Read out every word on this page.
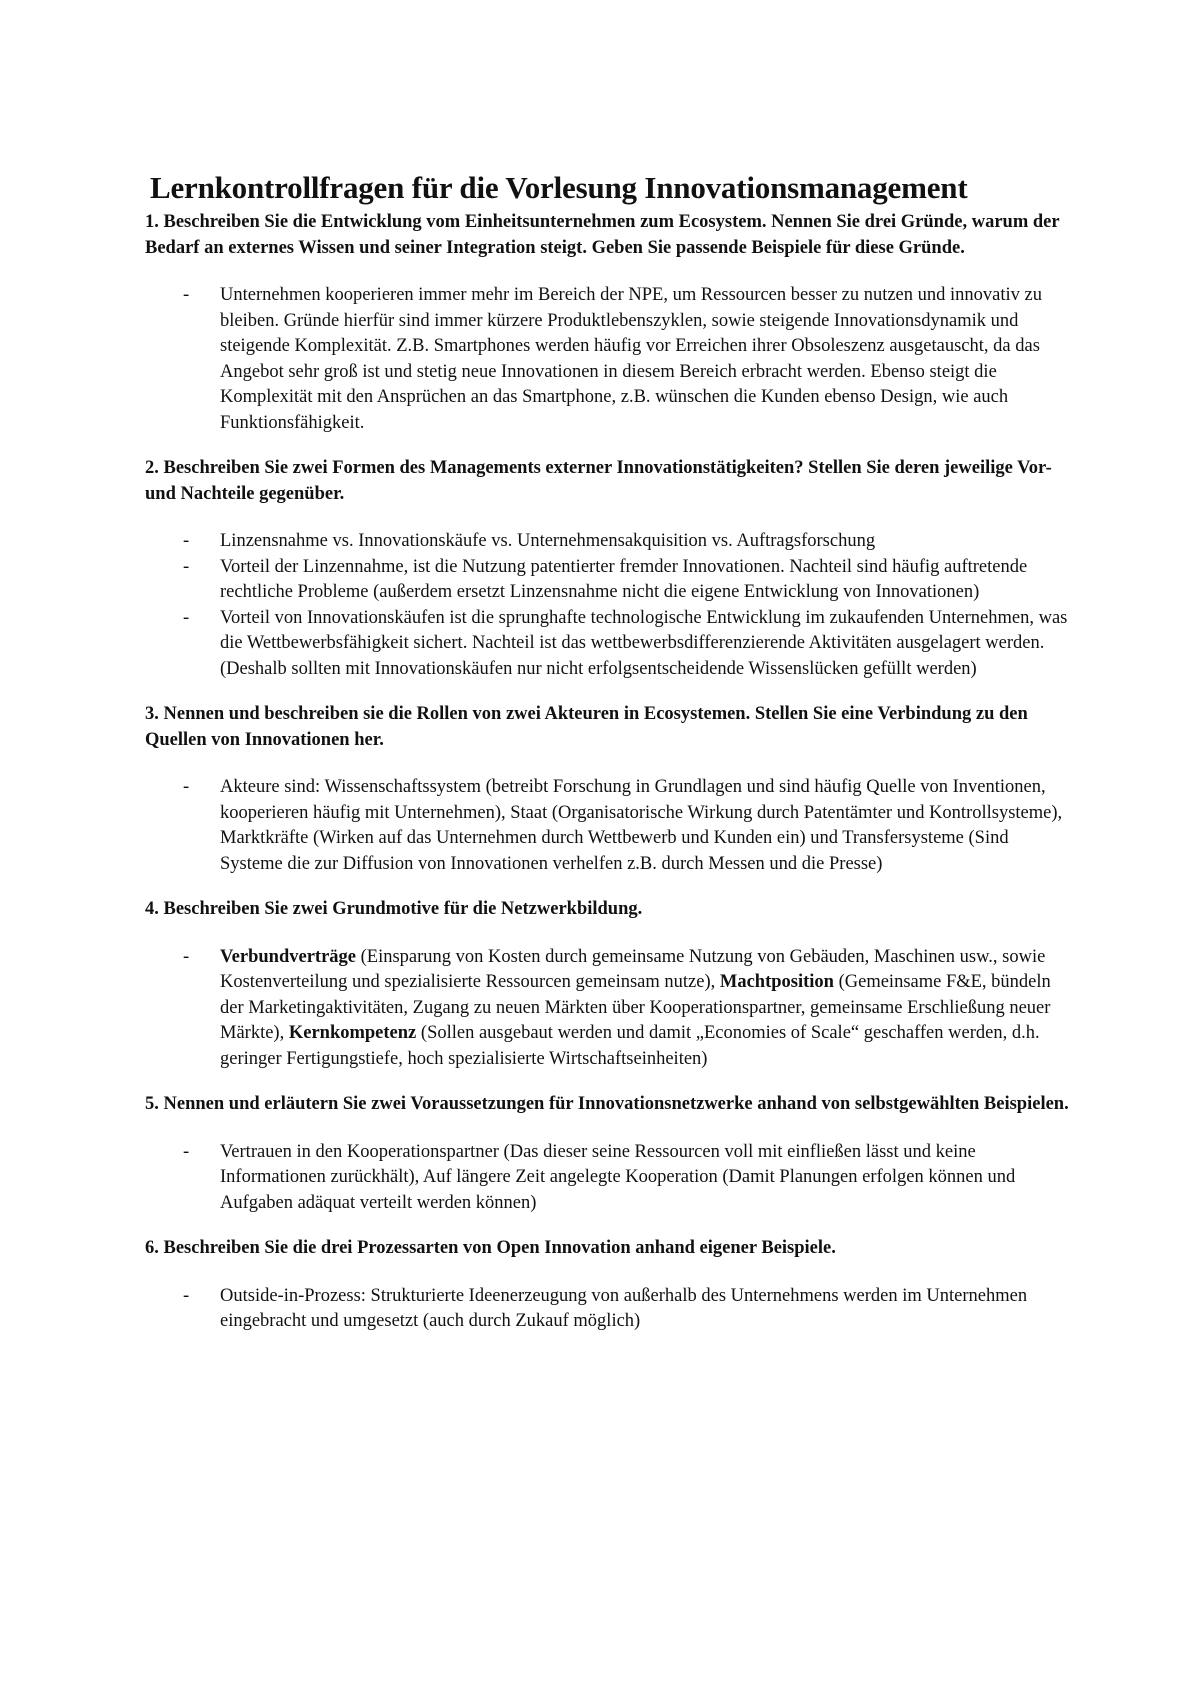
Lernkontrollfragen für die Vorlesung Innovationsmanagement

1. Beschreiben Sie die Entwicklung vom Einheitsunternehmen zum Ecosystem. Nennen Sie drei Gründe, warum der Bedarf an externes Wissen und seiner Integration steigt. Geben Sie passende Beispiele für diese Gründe.

- Unternehmen kooperieren immer mehr im Bereich der NPE, um Ressourcen besser zu nutzen und innovativ zu bleiben. Gründe hierfür sind immer kürzere Produktlebenszyklen, sowie steigende Innovationsdynamik und steigende Komplexität. Z.B. Smartphones werden häufig vor Erreichen ihrer Obsoleszenz ausgetauscht, da das Angebot sehr groß ist und stetig neue Innovationen in diesem Bereich erbracht werden. Ebenso steigt die Komplexität mit den Ansprüchen an das Smartphone, z.B. wünschen die Kunden ebenso Design, wie auch Funktionsfähigkeit.

2. Beschreiben Sie zwei Formen des Managements externer Innovationstätigkeiten? Stellen Sie deren jeweilige Vor- und Nachteile gegenüber.

- Linzensnahme vs. Innovationskäufe vs. Unternehmensakquisition vs. Auftragsforschung
- Vorteil der Linzennahme, ist die Nutzung patentierter fremder Innovationen. Nachteil sind häufig auftretende rechtliche Probleme (außerdem ersetzt Linzensnahme nicht die eigene Entwicklung von Innovationen)
- Vorteil von Innovationskäufen ist die sprunghafte technologische Entwicklung im zukaufenden Unternehmen, was die Wettbewerbsfähigkeit sichert. Nachteil ist das wettbewerbsdifferenzierende Aktivitäten ausgelagert werden.(Deshalb sollten mit Innovationskäufen nur nicht erfolgsentscheidende Wissenslücken gefüllt werden)

3. Nennen und beschreiben sie die Rollen von zwei Akteuren in Ecosystemen. Stellen Sie eine Verbindung zu den Quellen von Innovationen her.

- Akteure sind: Wissenschaftssystem (betreibt Forschung in Grundlagen und sind häufig Quelle von Inventionen, kooperieren häufig mit Unternehmen), Staat (Organisatorische Wirkung durch Patentämter und Kontrollsysteme), Marktkräfte (Wirken auf das Unternehmen durch Wettbewerb und Kunden ein) und Transfersysteme (Sind Systeme die zur Diffusion von Innovationen verhelfen z.B. durch Messen und die Presse)

4. Beschreiben Sie zwei Grundmotive für die Netzwerkbildung.

- Verbundverträge (Einsparung von Kosten durch gemeinsame Nutzung von Gebäuden, Maschinen usw., sowie Kostenverteilung und spezialisierte Ressourcen gemeinsam nutze), Machtposition (Gemeinsame F&E, bündeln der Marketingaktivitäten, Zugang zu neuen Märkten über Kooperationspartner, gemeinsame Erschließung neuer Märkte), Kernkompetenz (Sollen ausgebaut werden und damit „Economies of Scale“ geschaffen werden, d.h. geringer Fertigungstiefe, hoch spezialisierte Wirtschaftseinheiten)

5. Nennen und erläutern Sie zwei Voraussetzungen für Innovationsnetzwerke anhand von selbstgewählten Beispielen.

- Vertrauen in den Kooperationspartner (Das dieser seine Ressourcen voll mit einfließen lässt und keine Informationen zurückhält), Auf längere Zeit angelegte Kooperation (Damit Planungen erfolgen können und Aufgaben adäquat verteilt werden können)

6. Beschreiben Sie die drei Prozessarten von Open Innovation anhand eigener Beispiele.

- Outside-in-Prozess: Strukturierte Ideenerzeugung von außerhalb des Unternehmens werden im Unternehmen eingebracht und umgesetzt (auch durch Zukauf möglich)
